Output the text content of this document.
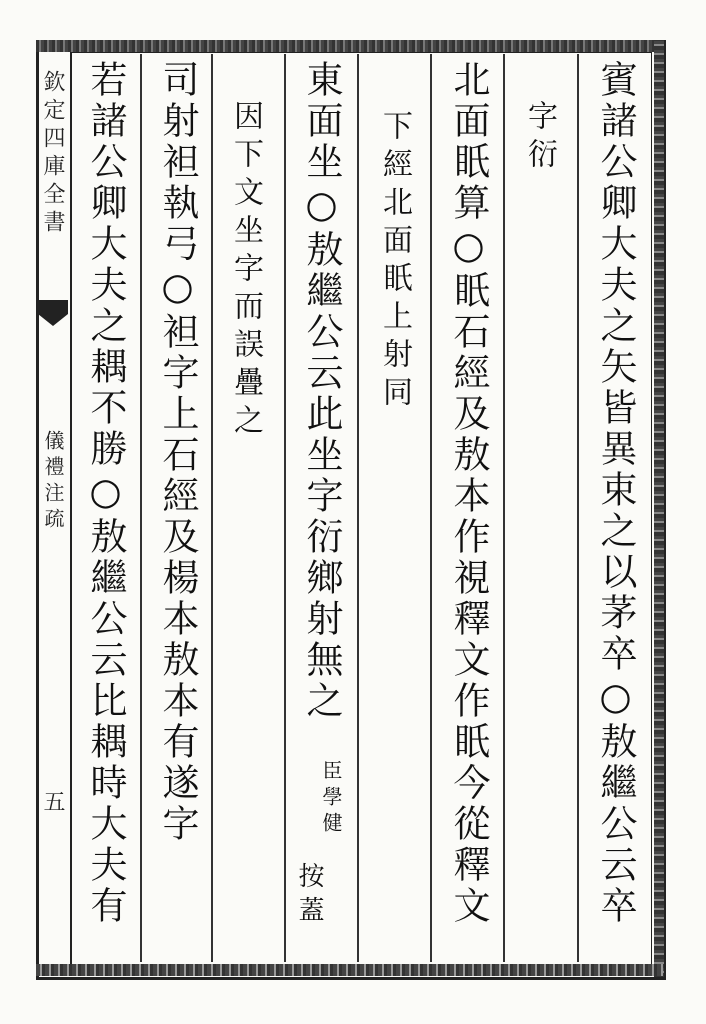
欽定四庫全書
儀禮注疏
五	賓諸公卿大夫之矢皆異束之以茅卒○敖繼公云卒
字衍
北面眂算○眂石經及敖本作視釋文作眂今從釋文
下經北面眂上射同
東面坐○敖繼公云此坐字衍鄉射無之
臣學健
按蓋
因下文坐字而誤疊之
司射袒執弓○袒字上石經及楊本敖本有遂字
若諸公卿大夫之耦不勝○敖繼公云比耦時大夫有
